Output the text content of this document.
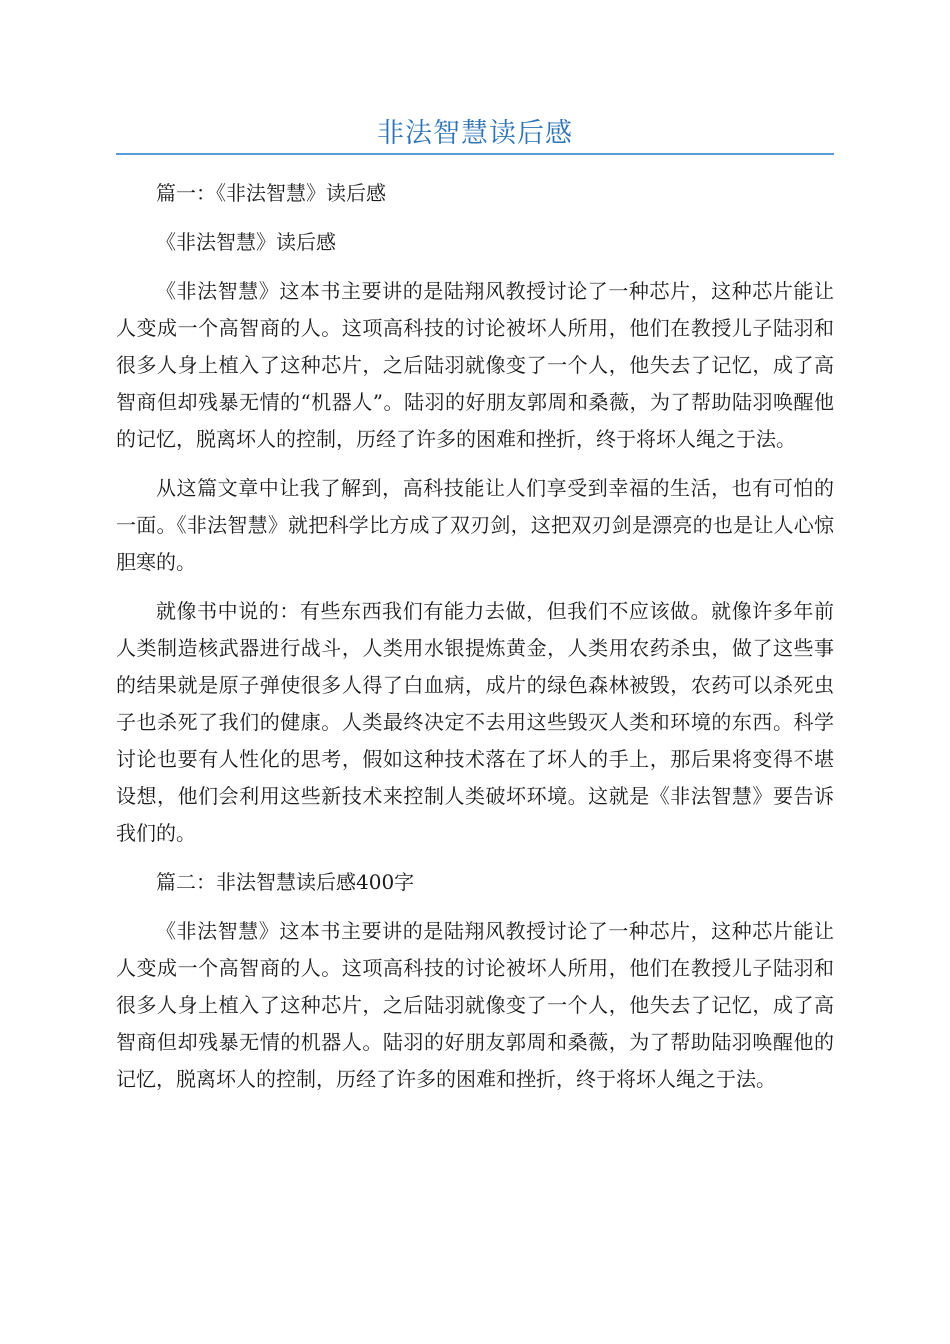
非法智慧读后感

篇一：《非法智慧》读后感

《非法智慧》读后感

《非法智慧》这本书主要讲的是陆翔风教授讨论了一种芯片，这种芯片能让人变成一个高智商的人。这项高科技的讨论被坏人所用，他们在教授儿子陆羽和很多人身上植入了这种芯片，之后陆羽就像变了一个人，他失去了记忆，成了高智商但却残暴无情的“机器人”。陆羽的好朋友郭周和桑薇，为了帮助陆羽唤醒他的记忆，脱离坏人的控制，历经了许多的困难和挫折，终于将坏人绳之于法。

从这篇文章中让我了解到，高科技能让人们享受到幸福的生活，也有可怕的一面。《非法智慧》就把科学比方成了双刃剑，这把双刃剑是漂亮的也是让人心惊胆寒的。

就像书中说的：有些东西我们有能力去做，但我们不应该做。就像许多年前人类制造核武器进行战斗，人类用水银提炼黄金，人类用农药杀虫，做了这些事的结果就是原子弹使很多人得了白血病，成片的绿色森林被毁，农药可以杀死虫子也杀死了我们的健康。人类最终决定不去用这些毁灭人类和环境的东西。科学讨论也要有人性化的思考，假如这种技术落在了坏人的手上，那后果将变得不堪设想，他们会利用这些新技术来控制人类破坏环境。这就是《非法智慧》要告诉我们的。

篇二：非法智慧读后感400字

《非法智慧》这本书主要讲的是陆翔风教授讨论了一种芯片，这种芯片能让人变成一个高智商的人。这项高科技的讨论被坏人所用，他们在教授儿子陆羽和很多人身上植入了这种芯片，之后陆羽就像变了一个人，他失去了记忆，成了高智商但却残暴无情的机器人。陆羽的好朋友郭周和桑薇，为了帮助陆羽唤醒他的记忆，脱离坏人的控制，历经了许多的困难和挫折，终于将坏人绳之于法。
